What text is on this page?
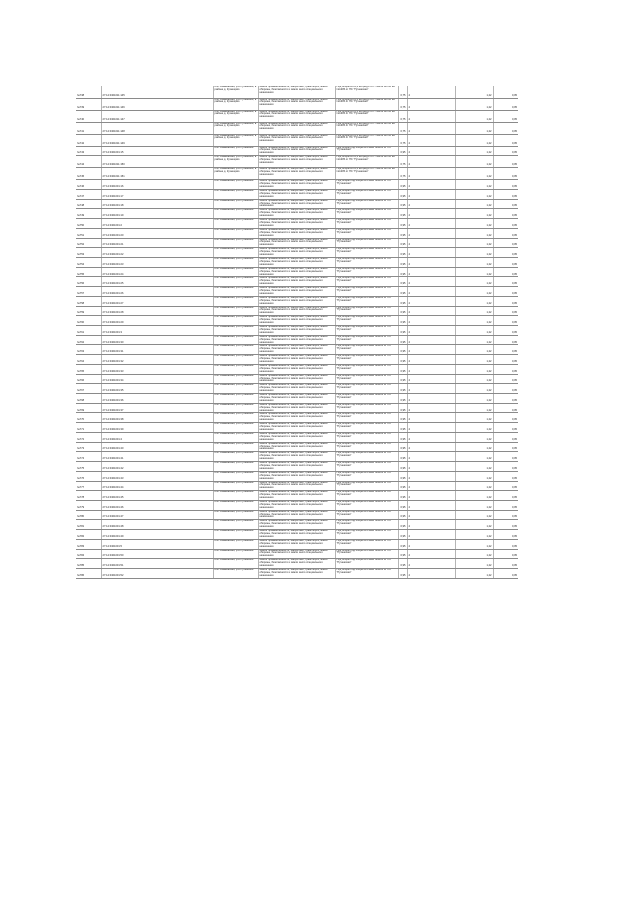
№738	27:14:0401011:145	обл. Ивановская, р-н Пучежский, в районе д. Кузнецово	Земли промышленности, энергетики, транспорта, земли обороны, безопасности и земли иного специального назначения	Под опоры ВЛ-0,4 кВ фид.2 КТП №453 ВЛ-10 кВ №1205 от ПС "Пучежская"	0,75	4	1,22	0,05
№739	27:14:0401011:146	обл. Ивановская, р-н Пучежский, в районе д. Кузнецово	Земли промышленности, энергетики, транспорта, земли обороны, безопасности и земли иного специального назначения	Под опоры ВЛ-0,4 кВ фид.2 КТП №453 ВЛ-10 кВ №1205 от ПС "Пучежская"	0,75	4	1,22	0,05
№740	27:14:0401011:147	обл. Ивановская, р-н Пучежский, в районе д. Кузнецово	Земли промышленности, энергетики, транспорта, земли обороны, безопасности и земли иного специального назначения	Под опоры ВЛ-0,4 кВ фид.2 КТП №453 ВЛ-10 кВ №1205 от ПС "Пучежская"	0,75	4	1,22	0,05
№741	27:14:0401011:148	обл. Ивановская, р-н Пучежский, в районе д. Кузнецово	Земли промышленности, энергетики, транспорта, земли обороны, безопасности и земли иного специального назначения	Под опоры ВЛ-0,4 кВ фид.2 КТП №453 ВЛ-10 кВ №1205 от ПС "Пучежская"	0,75	4	1,22	0,05
№742	27:14:0401011:149	обл. Ивановская, р-н Пучежский, в районе д. Кузнецово	Земли промышленности, энергетики, транспорта, земли обороны, безопасности и земли иного специального назначения	Под опоры ВЛ-0,4 кВ фид.2 КТП №453 ВЛ-10 кВ №1205 от ПС "Пучежская"	0,75	4	1,22	0,05
№743	27:14:0401001:15	обл. Ивановская, р-н Пучежский	Земли промышленности, энергетики, транспорта, земли обороны, безопасности и земли иного специального назначения	Под опоры Под опоры ВЛ-10кВ №1101 от ПС "Пучежская"	0,95	4	1,22	0,05
№744	27:14:0401011:150	обл. Ивановская, р-н Пучежский, в районе д. Кузнецово	Земли промышленности, энергетики, транспорта, земли обороны, безопасности и земли иного специального назначения	Под опоры ВЛ-0,4 кВ фид.2 КТП №453 ВЛ-10 кВ №1205 от ПС "Пучежская"	0,75	4	1,22	0,05
№745	27:14:0401011:151	обл. Ивановская, р-н Пучежский, в районе д. Кузнецово	Земли промышленности, энергетики, транспорта, земли обороны, безопасности и земли иного специального назначения	Под опоры ВЛ-0,4 кВ фид.2 КТП №453 ВЛ-10 кВ №1205 от ПС "Пучежская"	0,75	4	1,22	0,05
№746	27:14:0401001:16	обл. Ивановская, р-н Пучежский	Земли промышленности, энергетики, транспорта, земли обороны, безопасности и земли иного специального назначения	Под опоры Под опоры ВЛ-10кВ №1101 от ПС "Пучежская"	0,95	4	1,22	0,05
№747	27:14:0401001:17	обл. Ивановская, р-н Пучежский	Земли промышленности, энергетики, транспорта, земли обороны, безопасности и земли иного специального назначения	Под опоры Под опоры ВЛ-10кВ №1101 от ПС "Пучежская"	0,95	4	1,22	0,05
№748	27:14:0401001:18	обл. Ивановская, р-н Пучежский	Земли промышленности, энергетики, транспорта, земли обороны, безопасности и земли иного специального назначения	Под опоры Под опоры ВЛ-10кВ №1101 от ПС "Пучежская"	0,95	4	1,22	0,05
№749	27:14:0401001:19	обл. Ивановская, р-н Пучежский	Земли промышленности, энергетики, транспорта, земли обороны, безопасности и земли иного специального назначения	Под опоры Под опоры ВЛ-10кВ №1101 от ПС "Пучежская"	0,95	4	1,22	0,05
№750	27:14:0401001:2	обл. Ивановская, р-н Пучежский	Земли промышленности, энергетики, транспорта, земли обороны, безопасности и земли иного специального назначения	Под опоры Под опоры ВЛ-10кВ №1101 от ПС "Пучежская"	0,95	4	1,22	0,05
№751	27:14:0401001:20	обл. Ивановская, р-н Пучежский	Земли промышленности, энергетики, транспорта, земли обороны, безопасности и земли иного специального назначения	Под опоры Под опоры ВЛ-10кВ №1101 от ПС "Пучежская"	0,95	4	1,22	0,05
№752	27:14:0401001:21	обл. Ивановская, р-н Пучежский	Земли промышленности, энергетики, транспорта, земли обороны, безопасности и земли иного специального назначения	Под опоры Под опоры ВЛ-10кВ №1101 от ПС "Пучежская"	0,95	4	1,22	0,05
№753	27:14:0401001:22	обл. Ивановская, р-н Пучежский	Земли промышленности, энергетики, транспорта, земли обороны, безопасности и земли иного специального назначения	Под опоры Под опоры ВЛ-10кВ №1101 от ПС "Пучежская"	0,95	4	1,22	0,05
№754	27:14:0401001:23	обл. Ивановская, р-н Пучежский	Земли промышленности, энергетики, транспорта, земли обороны, безопасности и земли иного специального назначения	Под опоры Под опоры ВЛ-10кВ №1101 от ПС "Пучежская"	0,95	4	1,22	0,05
№755	27:14:0401001:24	обл. Ивановская, р-н Пучежский	Земли промышленности, энергетики, транспорта, земли обороны, безопасности и земли иного специального назначения	Под опоры Под опоры ВЛ-10кВ №1101 от ПС "Пучежская"	0,95	4	1,22	0,05
№756	27:14:0401001:25	обл. Ивановская, р-н Пучежский	Земли промышленности, энергетики, транспорта, земли обороны, безопасности и земли иного специального назначения	Под опоры Под опоры ВЛ-10кВ №1101 от ПС "Пучежская"	0,95	4	1,22	0,05
№757	27:14:0401001:26	обл. Ивановская, р-н Пучежский	Земли промышленности, энергетики, транспорта, земли обороны, безопасности и земли иного специального назначения	Под опоры Под опоры ВЛ-10кВ №1101 от ПС "Пучежская"	0,95	4	1,22	0,05
№758	27:14:0401001:27	обл. Ивановская, р-н Пучежский	Земли промышленности, энергетики, транспорта, земли обороны, безопасности и земли иного специального назначения	Под опоры Под опоры ВЛ-10кВ №1101 от ПС "Пучежская"	0,95	4	1,22	0,05
№759	27:14:0401001:28	обл. Ивановская, р-н Пучежский	Земли промышленности, энергетики, транспорта, земли обороны, безопасности и земли иного специального назначения	Под опоры Под опоры ВЛ-10кВ №1101 от ПС "Пучежская"	0,95	4	1,22	0,05
№760	27:14:0401001:29	обл. Ивановская, р-н Пучежский	Земли промышленности, энергетики, транспорта, земли обороны, безопасности и земли иного специального назначения	Под опоры Под опоры ВЛ-10кВ №1101 от ПС "Пучежская"	0,95	4	1,22	0,05
№761	27:14:0401001:3	обл. Ивановская, р-н Пучежский	Земли промышленности, энергетики, транспорта, земли обороны, безопасности и земли иного специального назначения	Под опоры Под опоры ВЛ-10кВ №1101 от ПС "Пучежская"	0,95	4	1,22	0,05
№762	27:14:0401001:30	обл. Ивановская, р-н Пучежский	Земли промышленности, энергетики, транспорта, земли обороны, безопасности и земли иного специального назначения	Под опоры Под опоры ВЛ-10кВ №1101 от ПС "Пучежская"	0,95	4	1,22	0,05
№763	27:14:0401001:31	обл. Ивановская, р-н Пучежский	Земли промышленности, энергетики, транспорта, земли обороны, безопасности и земли иного специального назначения	Под опоры Под опоры ВЛ-10кВ №1101 от ПС "Пучежская"	0,95	4	1,22	0,05
№764	27:14:0401001:32	обл. Ивановская, р-н Пучежский	Земли промышленности, энергетики, транспорта, земли обороны, безопасности и земли иного специального назначения	Под опоры Под опоры ВЛ-10кВ №1101 от ПС "Пучежская"	0,95	4	1,22	0,05
№765	27:14:0401001:33	обл. Ивановская, р-н Пучежский	Земли промышленности, энергетики, транспорта, земли обороны, безопасности и земли иного специального назначения	Под опоры Под опоры ВЛ-10кВ №1101 от ПС "Пучежская"	0,95	4	1,22	0,05
№766	27:14:0401001:34	обл. Ивановская, р-н Пучежский	Земли промышленности, энергетики, транспорта, земли обороны, безопасности и земли иного специального назначения	Под опоры Под опоры ВЛ-10кВ №1101 от ПС "Пучежская"	0,95	4	1,22	0,05
№767	27:14:0401001:35	обл. Ивановская, р-н Пучежский	Земли промышленности, энергетики, транспорта, земли обороны, безопасности и земли иного специального назначения	Под опоры Под опоры ВЛ-10кВ №1101 от ПС "Пучежская"	0,95	4	1,22	0,05
№768	27:14:0401001:36	обл. Ивановская, р-н Пучежский	Земли промышленности, энергетики, транспорта, земли обороны, безопасности и земли иного специального назначения	Под опоры Под опоры ВЛ-10кВ №1101 от ПС "Пучежская"	0,95	4	1,22	0,05
№769	27:14:0401001:37	обл. Ивановская, р-н Пучежский	Земли промышленности, энергетики, транспорта, земли обороны, безопасности и земли иного специального назначения	Под опоры Под опоры ВЛ-10кВ №1101 от ПС "Пучежская"	0,95	4	1,22	0,05
№770	27:14:0401001:38	обл. Ивановская, р-н Пучежский	Земли промышленности, энергетики, транспорта, земли обороны, безопасности и земли иного специального назначения	Под опоры Под опоры ВЛ-10кВ №1101 от ПС "Пучежская"	0,95	4	1,22	0,05
№771	27:14:0401001:39	обл. Ивановская, р-н Пучежский	Земли промышленности, энергетики, транспорта, земли обороны, безопасности и земли иного специального назначения	Под опоры Под опоры ВЛ-10кВ №1101 от ПС "Пучежская"	0,95	4	1,22	0,05
№772	27:14:0401001:4	обл. Ивановская, р-н Пучежский	Земли промышленности, энергетики, транспорта, земли обороны, безопасности и земли иного специального назначения	Под опоры Под опоры ВЛ-10кВ №1101 от ПС "Пучежская"	0,95	4	1,22	0,05
№773	27:14:0401001:40	обл. Ивановская, р-н Пучежский	Земли промышленности, энергетики, транспорта, земли обороны, безопасности и земли иного специального назначения	Под опоры Под опоры ВЛ-10кВ №1101 от ПС "Пучежская"	0,95	4	1,22	0,05
№774	27:14:0401001:41	обл. Ивановская, р-н Пучежский	Земли промышленности, энергетики, транспорта, земли обороны, безопасности и земли иного специального назначения	Под опоры Под опоры ВЛ-10кВ №1101 от ПС "Пучежская"	0,95	4	1,22	0,05
№775	27:14:0401001:42	обл. Ивановская, р-н Пучежский	Земли промышленности, энергетики, транспорта, земли обороны, безопасности и земли иного специального назначения	Под опоры Под опоры ВЛ-10кВ №1101 от ПС "Пучежская"	0,95	4	1,22	0,05
№776	27:14:0401001:43	обл. Ивановская, р-н Пучежский	Земли промышленности, энергетики, транспорта, земли обороны, безопасности и земли иного специального назначения	Под опоры Под опоры ВЛ-10кВ №1101 от ПС "Пучежская"	0,95	4	1,22	0,05
№777	27:14:0401001:44	обл. Ивановская, р-н Пучежский	Земли промышленности, энергетики, транспорта, земли обороны, безопасности и земли иного специального назначения	Под опоры Под опоры ВЛ-10кВ №1101 от ПС "Пучежская"	0,95	4	1,22	0,05
№778	27:14:0401001:45	обл. Ивановская, р-н Пучежский	Земли промышленности, энергетики, транспорта, земли обороны, безопасности и земли иного специального назначения	Под опоры Под опоры ВЛ-10кВ №1101 от ПС "Пучежская"	0,95	4	1,22	0,05
№779	27:14:0401001:46	обл. Ивановская, р-н Пучежский	Земли промышленности, энергетики, транспорта, земли обороны, безопасности и земли иного специального назначения	Под опоры Под опоры ВЛ-10кВ №1101 от ПС "Пучежская"	0,95	4	1,22	0,05
№780	27:14:0401001:47	обл. Ивановская, р-н Пучежский	Земли промышленности, энергетики, транспорта, земли обороны, безопасности и земли иного специального назначения	Под опоры Под опоры ВЛ-10кВ №1101 от ПС "Пучежская"	0,95	4	1,22	0,05
№781	27:14:0401001:48	обл. Ивановская, р-н Пучежский	Земли промышленности, энергетики, транспорта, земли обороны, безопасности и земли иного специального назначения	Под опоры Под опоры ВЛ-10кВ №1101 от ПС "Пучежская"	0,95	4	1,22	0,05
№782	27:14:0401001:49	обл. Ивановская, р-н Пучежский	Земли промышленности, энергетики, транспорта, земли обороны, безопасности и земли иного специального назначения	Под опоры Под опоры ВЛ-10кВ №1101 от ПС "Пучежская"	0,95	4	1,22	0,05
№783	27:14:0401001:5	обл. Ивановская, р-н Пучежский	Земли промышленности, энергетики, транспорта, земли обороны, безопасности и земли иного специального назначения	Под опоры Под опоры ВЛ-10кВ №1101 от ПС "Пучежская"	0,95	4	1,22	0,05
№784	27:14:0401001:50	обл. Ивановская, р-н Пучежский	Земли промышленности, энергетики, транспорта, земли обороны, безопасности и земли иного специального назначения	Под опоры Под опоры ВЛ-10кВ №1101 от ПС "Пучежская"	0,95	4	1,22	0,05
№785	27:14:0401001:51	обл. Ивановская, р-н Пучежский	Земли промышленности, энергетики, транспорта, земли обороны, безопасности и земли иного специального назначения	Под опоры Под опоры ВЛ-10кВ №1101 от ПС "Пучежская"	0,95	4	1,22	0,05
№786	27:14:0401001:52	обл. Ивановская, р-н Пучежский	Земли промышленности, энергетики, транспорта, земли обороны, безопасности и земли иного специального назначения	Под опоры Под опоры ВЛ-10кВ №1101 от ПС "Пучежская"	0,95	4	1,22	0,05
